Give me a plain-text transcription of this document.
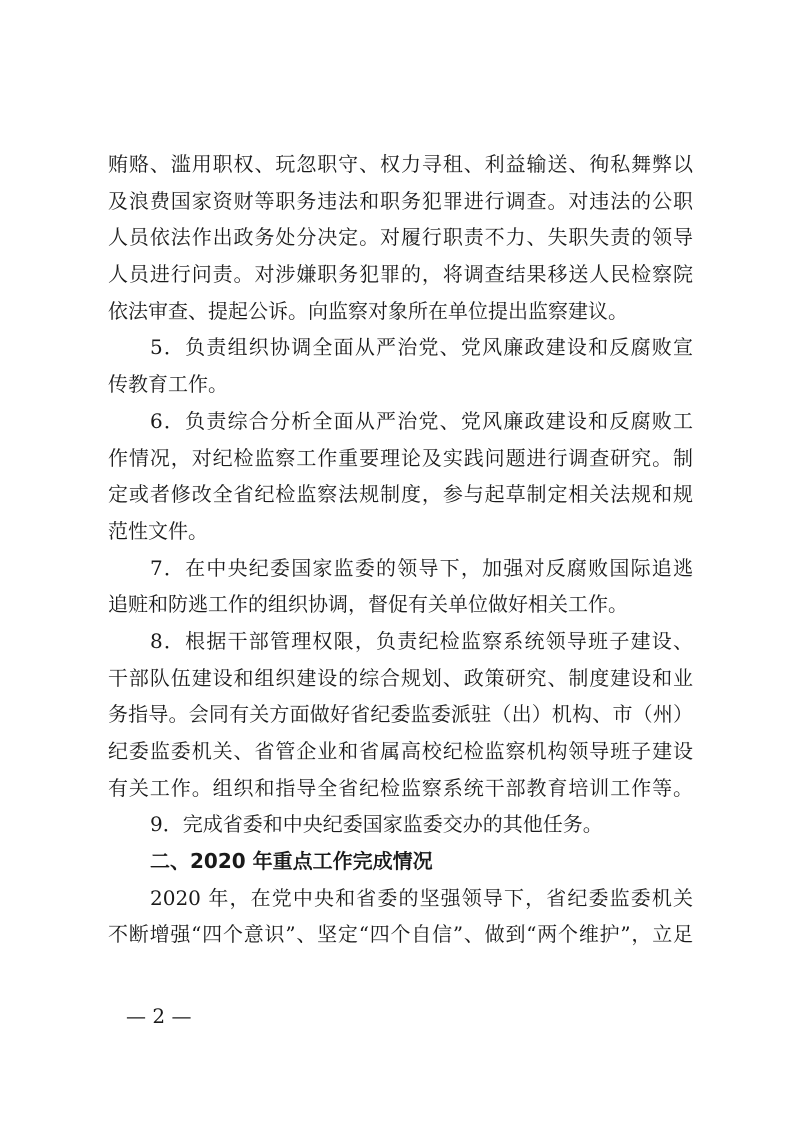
贿赂、滥用职权、玩忽职守、权力寻租、利益输送、徇私舞弊以
及浪费国家资财等职务违法和职务犯罪进行调查。对违法的公职
人员依法作出政务处分决定。对履行职责不力、失职失责的领导
人员进行问责。对涉嫌职务犯罪的，将调查结果移送人民检察院
依法审查、提起公诉。向监察对象所在单位提出监察建议。
5．负责组织协调全面从严治党、党风廉政建设和反腐败宣
传教育工作。
6．负责综合分析全面从严治党、党风廉政建设和反腐败工
作情况，对纪检监察工作重要理论及实践问题进行调查研究。制
定或者修改全省纪检监察法规制度，参与起草制定相关法规和规
范性文件。
7．在中央纪委国家监委的领导下，加强对反腐败国际追逃
追赃和防逃工作的组织协调，督促有关单位做好相关工作。
8．根据干部管理权限，负责纪检监察系统领导班子建设、
干部队伍建设和组织建设的综合规划、政策研究、制度建设和业
务指导。会同有关方面做好省纪委监委派驻（出）机构、市（州）
纪委监委机关、省管企业和省属高校纪检监察机构领导班子建设
有关工作。组织和指导全省纪检监察系统干部教育培训工作等。
9．完成省委和中央纪委国家监委交办的其他任务。
二、2020 年重点工作完成情况
2020 年，在党中央和省委的坚强领导下，省纪委监委机关
不断增强“四个意识”、坚定“四个自信”、做到“两个维护”，立足
— 2 —
